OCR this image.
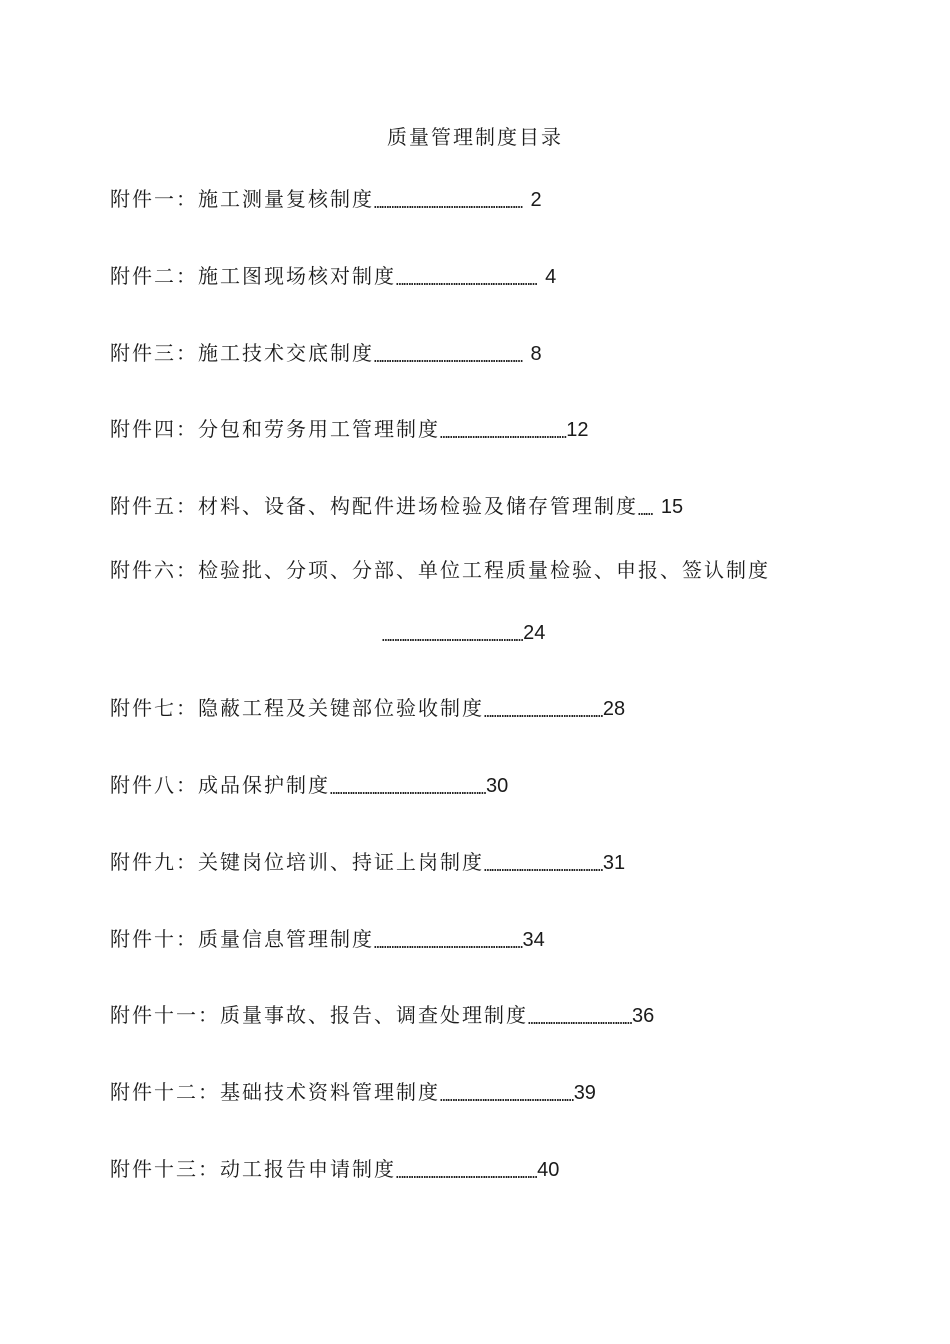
质量管理制度目录
附件一：施工测量复核制度…………………………………………………… 2
附件二：施工图现场核对制度………………………………………………… 4
附件三：施工技术交底制度…………………………………………………… 8
附件四：分包和劳务用工管理制度……………………………………………12
附件五：材料、设备、构配件进场检验及储存管理制度…… 15
附件六：检验批、分项、分部、单位工程质量检验、申报、签认制度
…………………………………………………24
附件七：隐蔽工程及关键部位验收制度…………………………………………28
附件八：成品保护制度………………………………………………………30
附件九：关键岗位培训、持证上岗制度…………………………………………31
附件十：质量信息管理制度……………………………………………………34
附件十一：质量事故、报告、调查处理制度……………………………………36
附件十二：基础技术资料管理制度………………………………………………39
附件十三：动工报告申请制度…………………………………………………40
